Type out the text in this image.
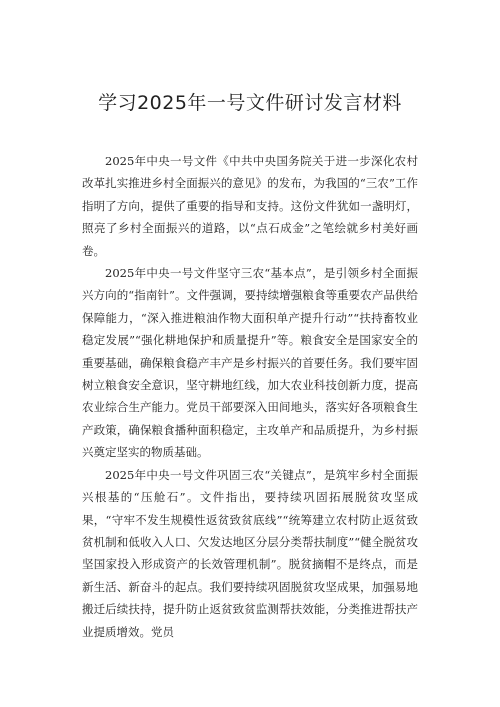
学习2025年一号文件研讨发言材料

2025年中央一号文件《中共中央国务院关于进一步深化农村改革扎实推进乡村全面振兴的意见》的发布，为我国的“三农”工作指明了方向，提供了重要的指导和支持。这份文件犹如一盏明灯，照亮了乡村全面振兴的道路，以“点石成金”之笔绘就乡村美好画卷。

2025年中央一号文件坚守三农“基本点”，是引领乡村全面振兴方向的“指南针”。文件强调，要持续增强粮食等重要农产品供给保障能力，“深入推进粮油作物大面积单产提升行动”“扶持畜牧业稳定发展”“强化耕地保护和质量提升”等。粮食安全是国家安全的重要基础，确保粮食稳产丰产是乡村振兴的首要任务。我们要牢固树立粮食安全意识，坚守耕地红线，加大农业科技创新力度，提高农业综合生产能力。党员干部要深入田间地头，落实好各项粮食生产政策，确保粮食播种面积稳定，主攻单产和品质提升，为乡村振兴奠定坚实的物质基础。

2025年中央一号文件巩固三农“关键点”，是筑牢乡村全面振兴根基的“压舱石”。文件指出，要持续巩固拓展脱贫攻坚成果，“守牢不发生规模性返贫致贫底线”“统筹建立农村防止返贫致贫机制和低收入人口、欠发达地区分层分类帮扶制度”“健全脱贫攻坚国家投入形成资产的长效管理机制”。脱贫摘帽不是终点，而是新生活、新奋斗的起点。我们要持续巩固脱贫攻坚成果，加强易地搬迁后续扶持，提升防止返贫致贫监测帮扶效能，分类推进帮扶产业提质增效。党员
